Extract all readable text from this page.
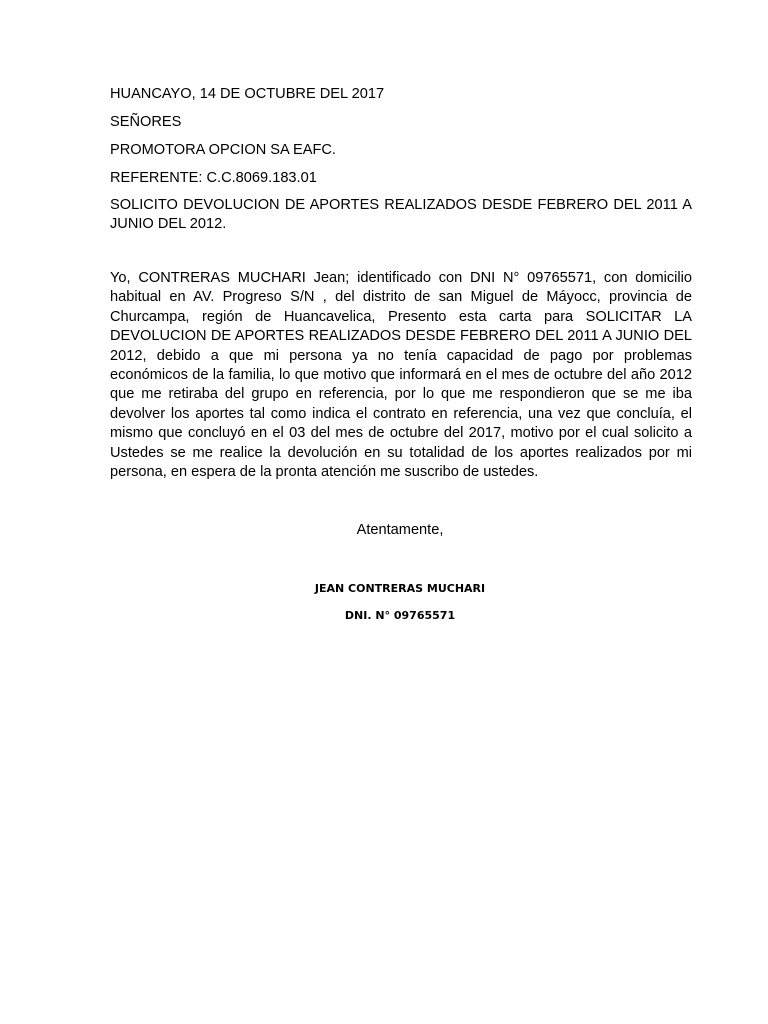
HUANCAYO, 14 DE OCTUBRE DEL 2017
SEÑORES
PROMOTORA OPCION SA EAFC.
REFERENTE: C.C.8069.183.01
SOLICITO DEVOLUCION DE APORTES REALIZADOS DESDE FEBRERO DEL 2011 A JUNIO DEL 2012.
Yo, CONTRERAS MUCHARI Jean; identificado con DNI N° 09765571, con domicilio habitual en AV. Progreso S/N , del distrito de san Miguel de Máyocc, provincia de Churcampa, región de Huancavelica, Presento esta carta para SOLICITAR LA DEVOLUCION DE APORTES REALIZADOS DESDE FEBRERO DEL 2011 A JUNIO DEL 2012, debido a que mi persona ya no tenía capacidad de pago por problemas económicos de la familia, lo que motivo que informará en el mes de octubre del año 2012 que me retiraba del grupo en referencia, por lo que me respondieron que se me iba devolver los aportes tal como indica el contrato en referencia, una vez que concluía, el mismo que concluyó en el 03 del mes de octubre del 2017, motivo por el cual solicito a Ustedes se me realice la devolución en su totalidad de los aportes realizados por mi persona, en espera de la pronta atención me suscribo de ustedes.
Atentamente,
JEAN CONTRERAS MUCHARI
DNI. N° 09765571
